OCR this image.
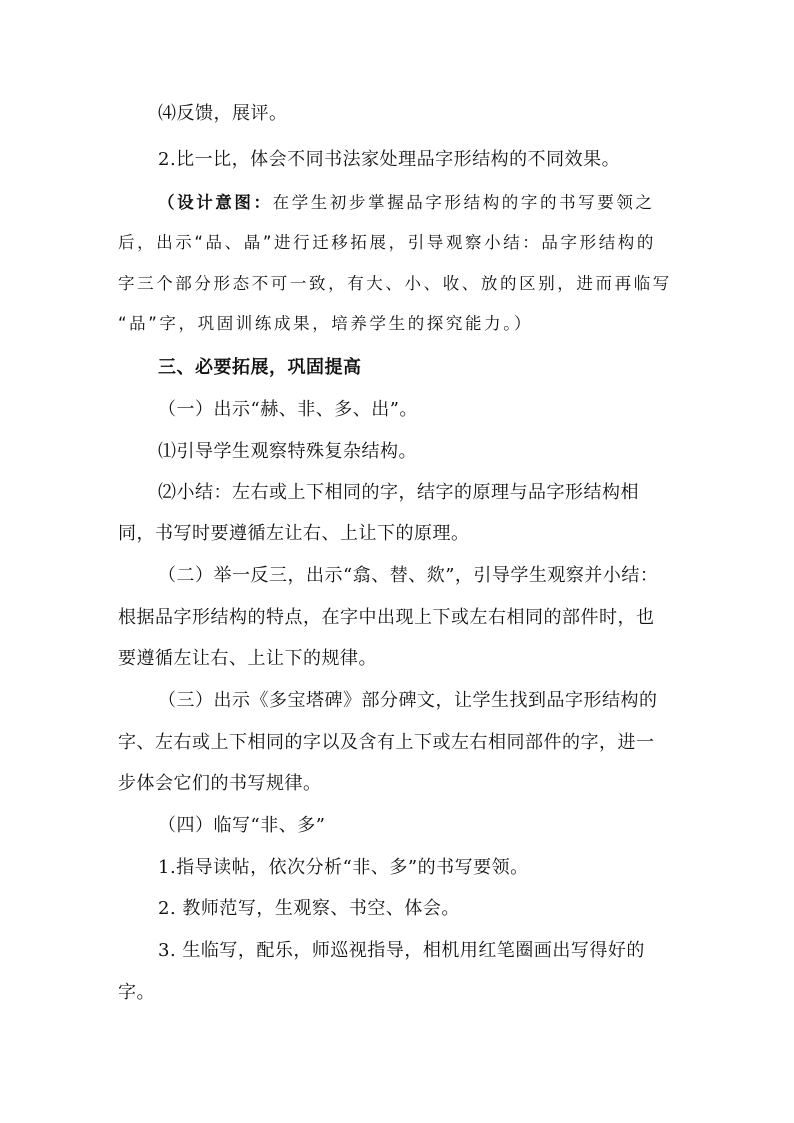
⑷反馈，展评。
2.比一比，体会不同书法家处理品字形结构的不同效果。
（设计意图：在学生初步掌握品字形结构的字的书写要领之
后，出示“品、晶”进行迁移拓展，引导观察小结：品字形结构的
字三个部分形态不可一致，有大、小、收、放的区别，进而再临写
“品”字，巩固训练成果，培养学生的探究能力。）
三、必要拓展，巩固提高
（一）出示“赫、非、多、出”。
⑴引导学生观察特殊复杂结构。
⑵小结：左右或上下相同的字，结字的原理与品字形结构相
同，书写时要遵循左让右、上让下的原理。
（二）举一反三，出示“翕、替、欻”，引导学生观察并小结：
根据品字形结构的特点，在字中出现上下或左右相同的部件时，也
要遵循左让右、上让下的规律。
（三）出示《多宝塔碑》部分碑文，让学生找到品字形结构的
字、左右或上下相同的字以及含有上下或左右相同部件的字，进一
步体会它们的书写规律。
（四）临写“非、多”
1.指导读帖，依次分析“非、多”的书写要领。
2. 教师范写，生观察、书空、体会。
3. 生临写，配乐，师巡视指导，相机用红笔圈画出写得好的
字。
